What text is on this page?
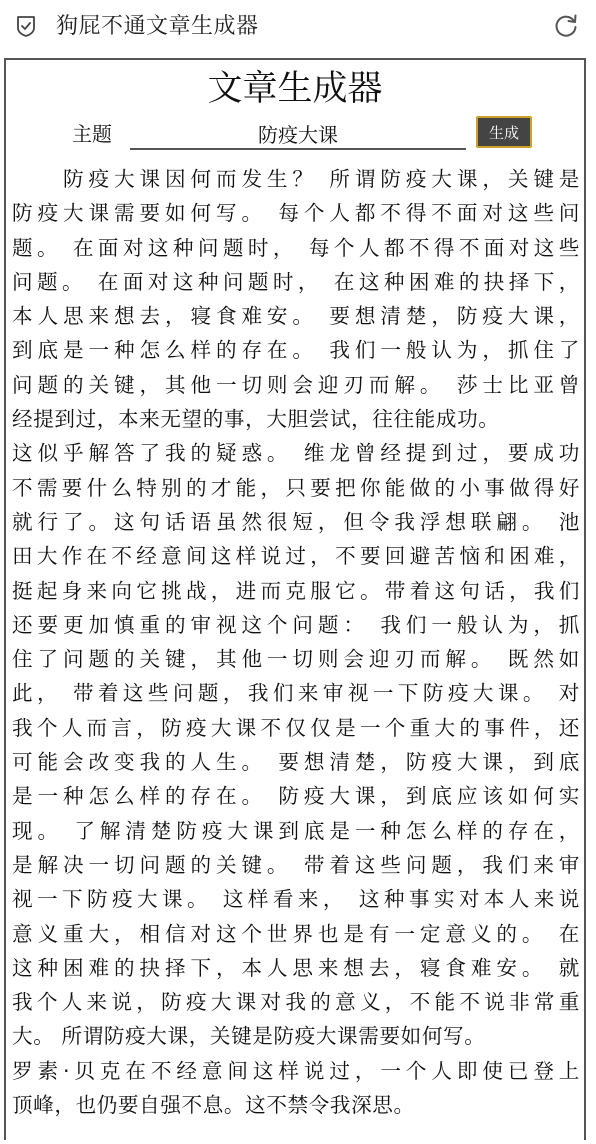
狗屁不通文章生成器
文章生成器
主题
防疫大课	生成
　　防疫大课因何而发生？ 所谓防疫大课，关键是
防疫大课需要如何写。 每个人都不得不面对这些问
题。 在面对这种问题时， 每个人都不得不面对这些
问题。 在面对这种问题时， 在这种困难的抉择下，
本人思来想去，寝食难安。 要想清楚，防疫大课，
到底是一种怎么样的存在。 我们一般认为，抓住了
问题的关键，其他一切则会迎刃而解。 莎士比亚曾
经提到过，本来无望的事，大胆尝试，往往能成功。
这似乎解答了我的疑惑。 维龙曾经提到过，要成功
不需要什么特别的才能，只要把你能做的小事做得好
就行了。这句话语虽然很短，但令我浮想联翩。 池
田大作在不经意间这样说过，不要回避苦恼和困难，
挺起身来向它挑战，进而克服它。带着这句话，我们
还要更加慎重的审视这个问题： 我们一般认为，抓
住了问题的关键，其他一切则会迎刃而解。 既然如
此， 带着这些问题，我们来审视一下防疫大课。 对
我个人而言，防疫大课不仅仅是一个重大的事件，还
可能会改变我的人生。 要想清楚，防疫大课，到底
是一种怎么样的存在。 防疫大课，到底应该如何实
现。 了解清楚防疫大课到底是一种怎么样的存在，
是解决一切问题的关键。 带着这些问题，我们来审
视一下防疫大课。 这样看来， 这种事实对本人来说
意义重大，相信对这个世界也是有一定意义的。 在
这种困难的抉择下，本人思来想去，寝食难安。 就
我个人来说，防疫大课对我的意义，不能不说非常重
大。 所谓防疫大课，关键是防疫大课需要如何写。
罗素·贝克在不经意间这样说过，一个人即使已登上
顶峰，也仍要自强不息。这不禁令我深思。
